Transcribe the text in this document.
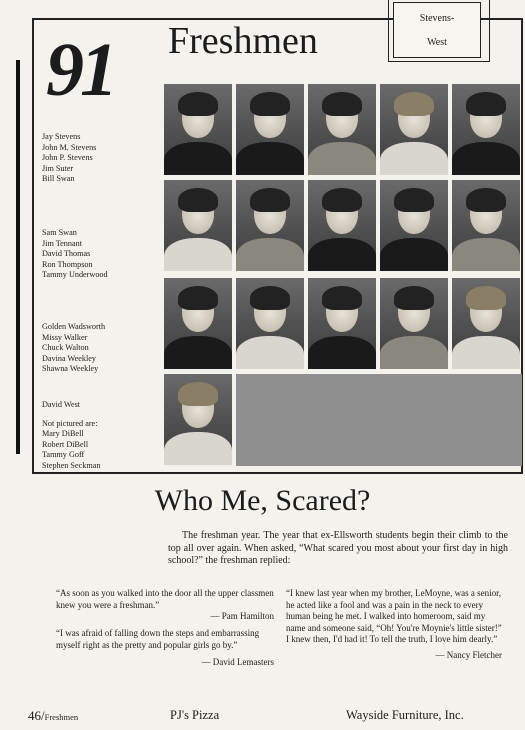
Stevens-
West
91 Freshmen
Jay Stevens
John M. Stevens
John P. Stevens
Jim Suter
Bill Swan
Sam Swan
Jim Tennant
David Thomas
Ron Thompson
Tammy Underwood
Golden Wadsworth
Missy Walker
Chuck Walton
Davina Weekley
Shawna Weekley
David West
Not pictured are:
Mary DiBell
Robert DiBell
Tammy Goff
Stephen Seckman
Who Me, Scared?
The freshman year. The year that ex-Ellsworth students begin their climb to the top all over again. When asked, “What scared you most about your first day in high school?” the freshman replied:
“As soon as you walked into the door all the upper classmen knew you were a freshman.”
— Pam Hamilton
“I was afraid of falling down the steps and embarrassing myself right as the pretty and popular girls go by.”
— David Lemasters
“I knew last year when my brother, LeMoyne, was a senior, he acted like a fool and was a pain in the neck to every human being he met. I walked into homeroom, said my name and someone said, “Oh! You're Moynie's little sister!” I knew then, I'd had it! To tell the truth, I love him dearly.”
— Nancy Fletcher
46/Freshmen	PJ's Pizza	Wayside Furniture, Inc.
